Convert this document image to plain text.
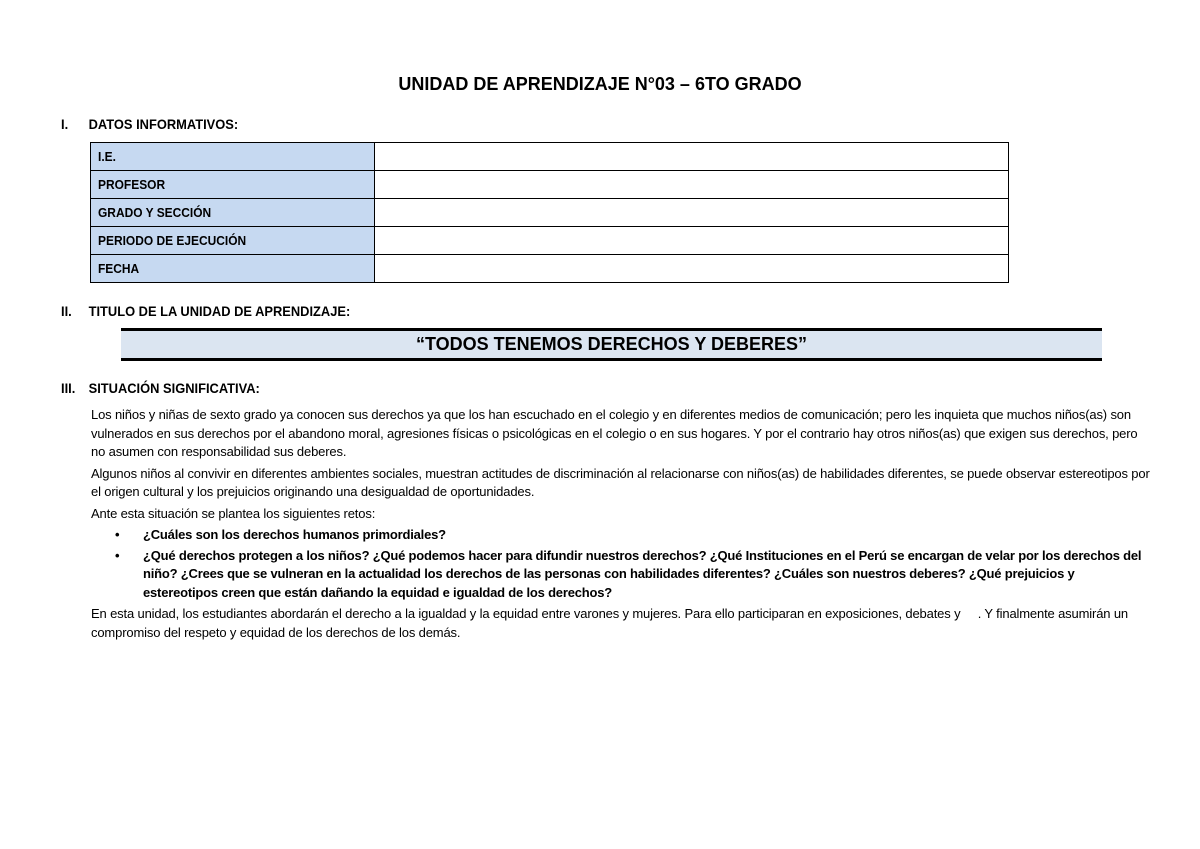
UNIDAD DE APRENDIZAJE N°03 – 6TO GRADO
I. DATOS INFORMATIVOS:
I.E.	
PROFESOR	
GRADO Y SECCIÓN	
PERIODO DE EJECUCIÓN	
FECHA	
II. TITULO DE LA UNIDAD DE APRENDIZAJE:
“TODOS TENEMOS DERECHOS Y DEBERES”
III. SITUACIÓN SIGNIFICATIVA:

Los niños y niñas de sexto grado ya conocen sus derechos ya que los han escuchado en el colegio y en diferentes medios de comunicación; pero les inquieta que muchos niños(as) son vulnerados en sus derechos por el abandono moral, agresiones físicas o psicológicas en el colegio o en sus hogares. Y por el contrario hay otros niños(as) que exigen sus derechos, pero no asumen con responsabilidad sus deberes.

Algunos niños al convivir en diferentes ambientes sociales, muestran actitudes de discriminación al relacionarse con niños(as) de habilidades diferentes, se puede observar estereotipos por el origen cultural y los prejuicios originando una desigualdad de oportunidades.

Ante esta situación se plantea los siguientes retos:

• ¿Cuáles son los derechos humanos primordiales?
• ¿Qué derechos protegen a los niños? ¿Qué podemos hacer para difundir nuestros derechos? ¿Qué Instituciones en el Perú se encargan de velar por los derechos del niño? ¿Crees que se vulneran en la actualidad los derechos de las personas con habilidades diferentes? ¿Cuáles son nuestros deberes? ¿Qué prejuicios y estereotipos creen que están dañando la equidad e igualdad de los derechos?

En esta unidad, los estudiantes abordarán el derecho a la igualdad y la equidad entre varones y mujeres. Para ello participaran en exposiciones, debates y     . Y finalmente asumirán un compromiso del respeto y equidad de los derechos de los demás.
